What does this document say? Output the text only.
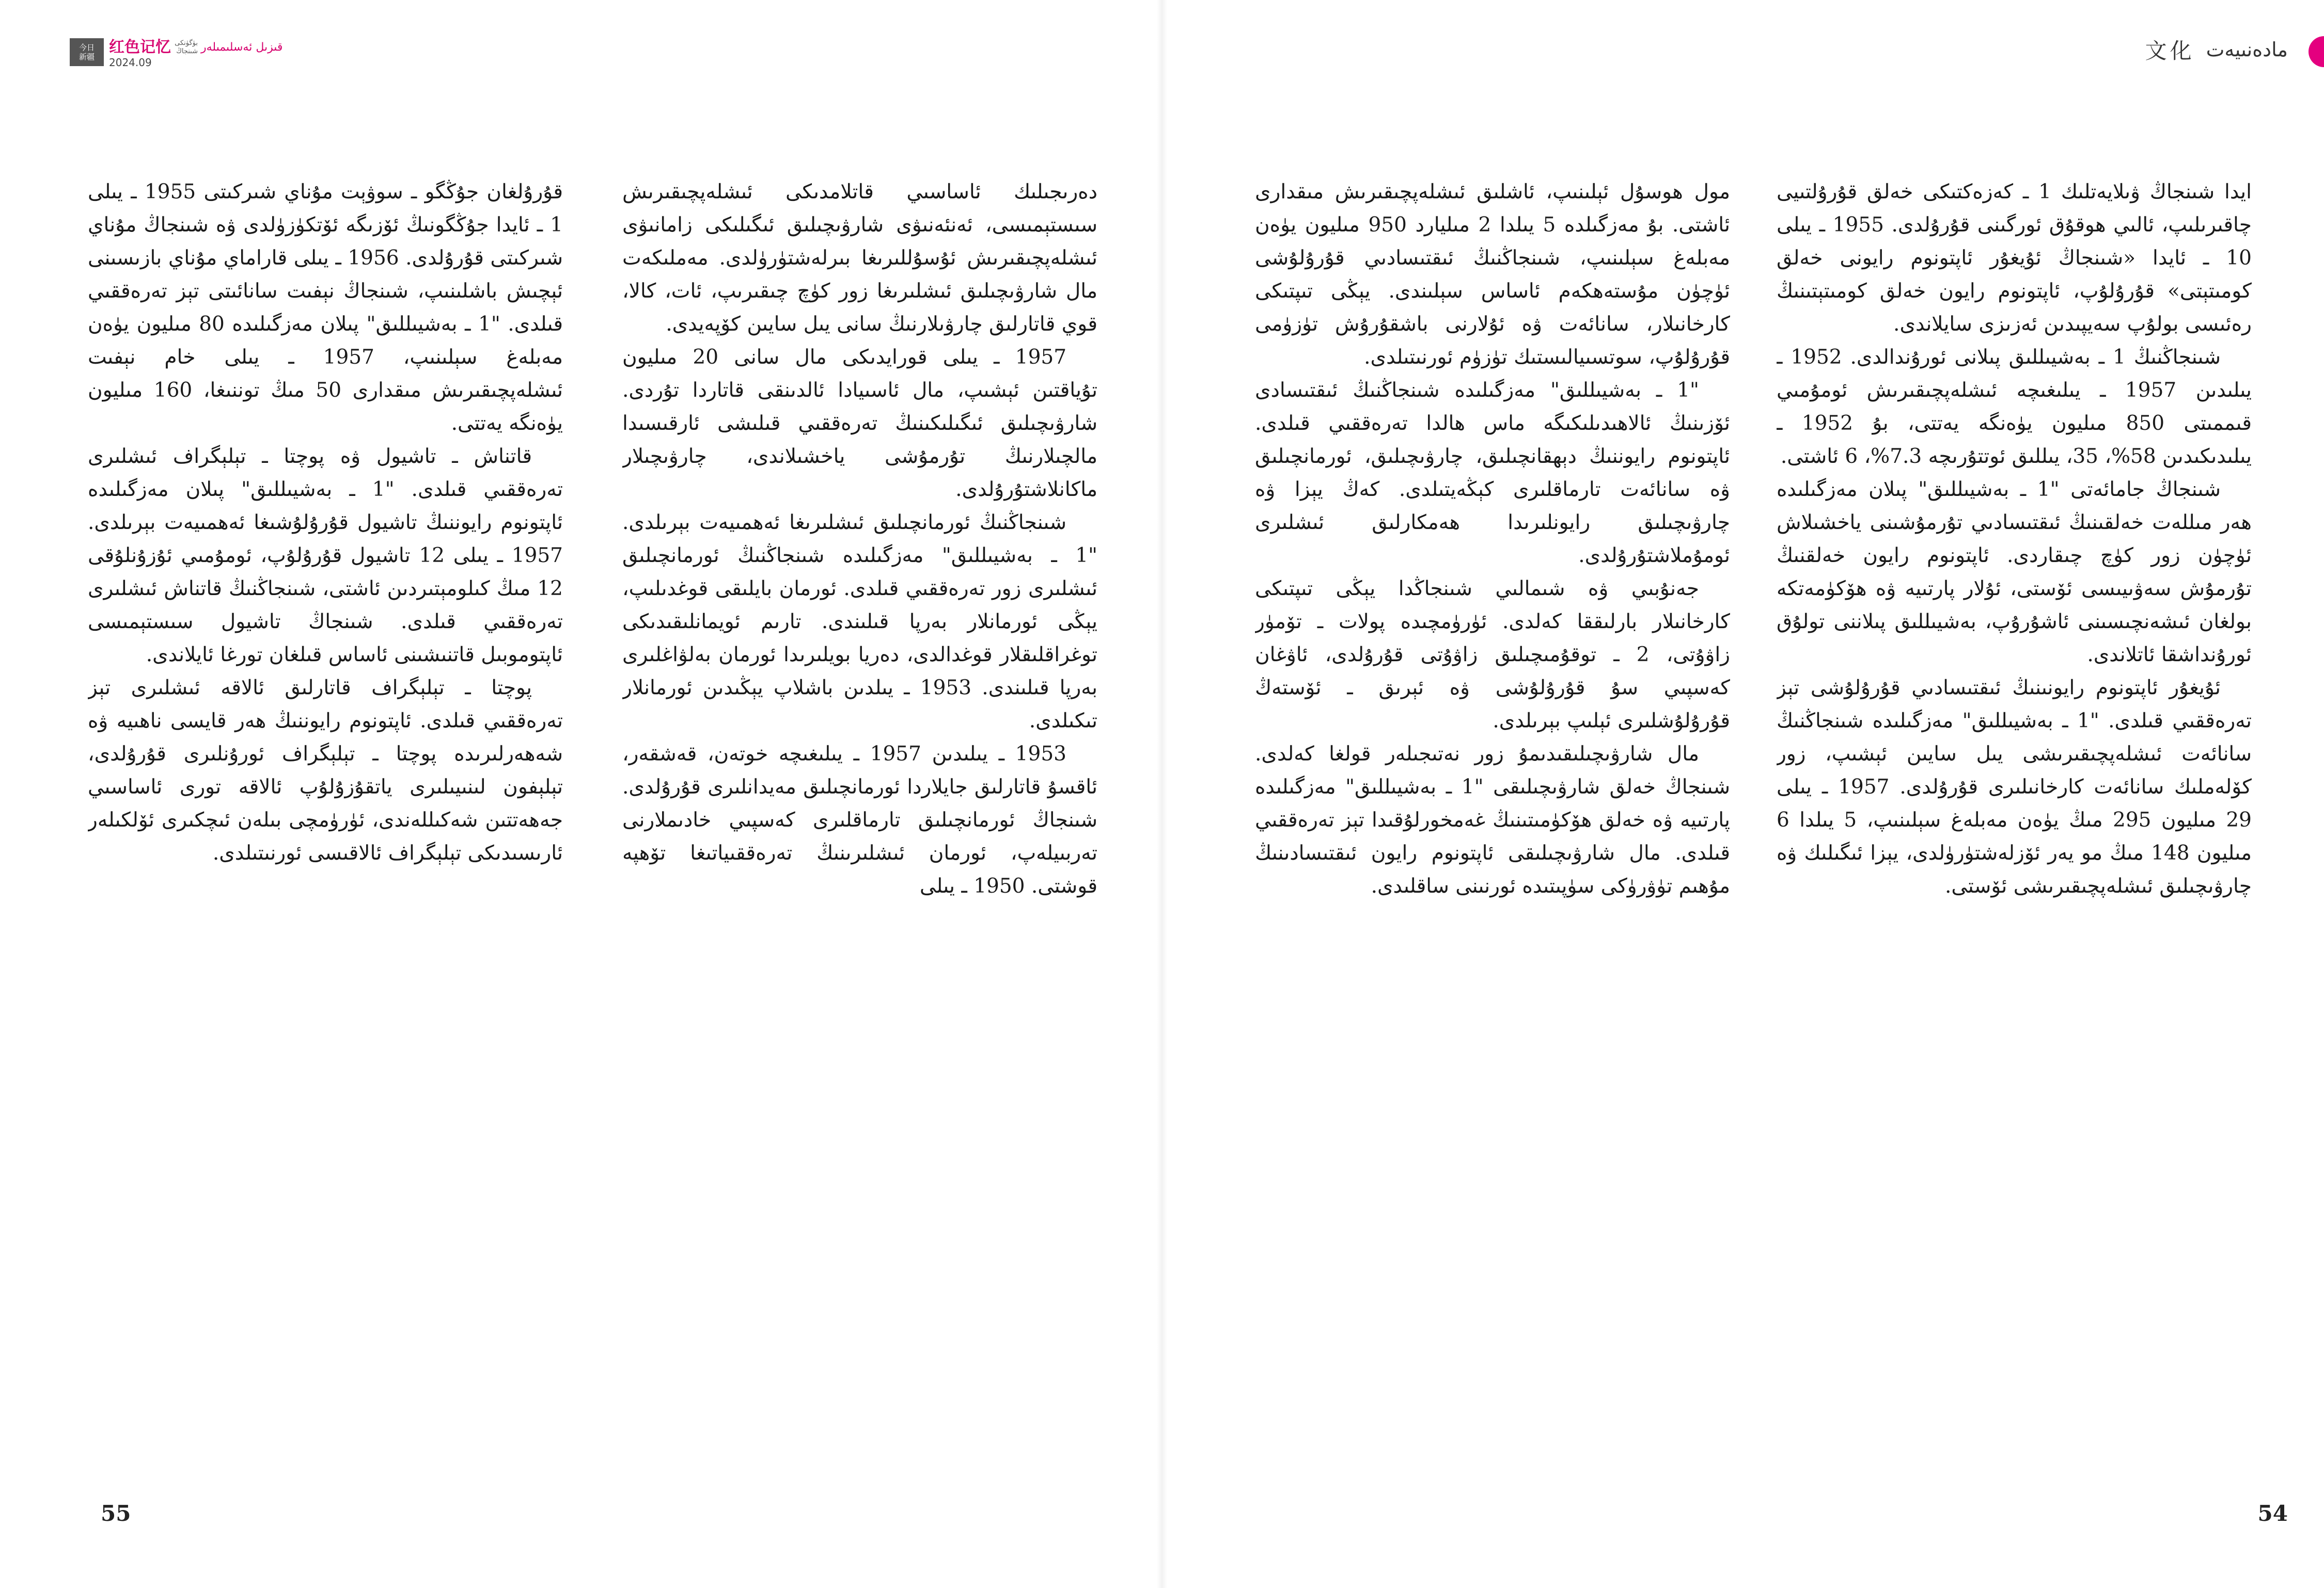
今日
新疆
红色记忆 بۈگۈنكى شىنجاڭ قىزىل ئەسلىمىلەر
2024.09

قۇرۇلغان جۇڭگو ـ سوۋېت مۇناي شىركىتى 1955 ـ يىلى 1 ـ ئايدا جۇڭگونىڭ ئۆزىگە ئۆتكۈزۈلدى ۋە شىنجاڭ مۇناي شىركىتى قۇرۇلدى. 1956 ـ يىلى قاراماي مۇناي بازىسىنى ئېچىش باشلىنىپ، شىنجاڭ نېفىت سانائىتى تېز تەرەققىي قىلدى. "1 ـ بەشيىللىق" پىلان مەزگىلىدە 80 مىليون يۈەن مەبلەغ سېلىنىپ، 1957 ـ يىلى خام نېفىت ئىشلەپچىقىرىش مىقدارى 50 مىڭ توننىغا، 160 مىليون يۈەنگە يەتتى.

قاتناش ـ تاشيول ۋە پوچتا ـ تېلېگراف ئىشلىرى تەرەققىي قىلدى. "1 ـ بەشيىللىق" پىلان مەزگىلىدە ئاپتونوم رايوننىڭ تاشيول قۇرۇلۇشىغا ئەھمىيەت بېرىلدى. 1957 ـ يىلى 12 تاشيول قۇرۇلۇپ، ئومۇمىي ئۇزۇنلۇقى 12 مىڭ كىلومېتىردىن ئاشتى، شىنجاڭنىڭ قاتناش ئىشلىرى تەرەققىي قىلدى. شىنجاڭ تاشيول سىستېمىسى ئاپتوموبىل قاتنىشىنى ئاساس قىلغان تورغا ئايلاندى.

پوچتا ـ تېلېگراف قاتارلىق ئالاقە ئىشلىرى تېز تەرەققىي قىلدى. ئاپتونوم رايوننىڭ ھەر قايسى ناھىيە ۋە شەھەرلىرىدە پوچتا ـ تېلېگراف ئورۇنلىرى قۇرۇلدى، تېلېفون لىنىيىلىرى ياتقۇزۇلۇپ ئالاقە تورى ئاساسىي جەھەتتىن شەكىللەندى، ئۈرۈمچى بىلەن ئىچكىرى ئۆلكىلەر ئارىسىدىكى تېلېگراف ئالاقىسى ئورنىتىلدى.

دەرىجىلىك ئاساسىي قاتلامدىكى ئىشلەپچىقىرىش سىستېمىسى، ئەنئەنىۋى شارۋىچىلىق ئىگىلىكى زامانىۋى ئىشلەپچىقىرىش ئۇسۇللىرىغا بىرلەشتۈرۈلدى. مەملىكەت مال شارۋىچىلىق ئىشلىرىغا زور كۈچ چىقىرىپ، ئات، كالا، قوي قاتارلىق چارۋىلارنىڭ سانى يىل سايىن كۆپەيدى.

1957 ـ يىلى قورايدىكى مال سانى 20 مىليون تۇياقتىن ئېشىپ، مال ئاسىيادا ئالدىنقى قاتاردا تۇردى. شارۋىچىلىق ئىگىلىكىنىڭ تەرەققىي قىلىشى ئارقىسىدا مالچىلارنىڭ تۇرمۇشى ياخشىلاندى، چارۋىچىلار ماكانلاشتۇرۇلدى.

شىنجاڭنىڭ ئورمانچىلىق ئىشلىرىغا ئەھمىيەت بېرىلدى. "1 ـ بەشيىللىق" مەزگىلىدە شىنجاڭنىڭ ئورمانچىلىق ئىشلىرى زور تەرەققىي قىلدى. ئورمان بايلىقى قوغدىلىپ، يېڭى ئورمانلار بەرپا قىلىندى. تارىم ئويمانلىقىدىكى توغراقلىقلار قوغدالدى، دەريا بويلىرىدا ئورمان بەلۋاغلىرى بەرپا قىلىندى. 1953 ـ يىلدىن باشلاپ يېڭىدىن ئورمانلار تىكىلدى.

1953 ـ يىلىدىن 1957 ـ يىلىغىچە خوتەن، قەشقەر، ئاقسۇ قاتارلىق جايلاردا ئورمانچىلىق مەيدانلىرى قۇرۇلدى. شىنجاڭ ئورمانچىلىق تارماقلىرى كەسپىي خادىملارنى تەربىيلەپ، ئورمان ئىشلىرىنىڭ تەرەققىياتىغا تۆھپە قوشتى. 1950 ـ يىلى

55
文化 مادەنىيەت

مول ھوسۇل ئېلىنىپ، ئاشلىق ئىشلەپچىقىرىش مىقدارى ئاشتى. بۇ مەزگىلدە 5 يىلدا 2 مىليارد 950 مىليون يۈەن مەبلەغ سېلىنىپ، شىنجاڭنىڭ ئىقتىسادىي قۇرۇلۇشى ئۈچۈن مۇستەھكەم ئاساس سېلىندى. يېڭى تىپتىكى كارخانىلار، سانائەت ۋە ئۇلارنى باشقۇرۇش تۈزۈمى قۇرۇلۇپ، سوتسىيالىستىك تۈزۈم ئورنىتىلدى.

"1 ـ بەشيىللىق" مەزگىلىدە شىنجاڭنىڭ ئىقتىسادى ئۆزىنىڭ ئالاھىدىلىكىگە ماس ھالدا تەرەققىي قىلدى. ئاپتونوم رايوننىڭ دېھقانچىلىق، چارۋىچىلىق، ئورمانچىلىق ۋە سانائەت تارماقلىرى كېڭەيتىلدى. كەڭ يېزا ۋە چارۋىچىلىق رايونلىرىدا ھەمكارلىق ئىشلىرى ئومۇملاشتۇرۇلدى.

جەنۇبىي ۋە شىمالىي شىنجاڭدا يېڭى تىپتىكى كارخانىلار بارلىققا كەلدى. ئۈرۈمچىدە پولات ـ تۆمۈر زاۋۇتى، 2 ـ توقۇمىچىلىق زاۋۇتى قۇرۇلدى، ئاۋغان كەسپىي سۇ قۇرۇلۇشى ۋە ئېرىق ـ ئۆستەڭ قۇرۇلۇشلىرى ئېلىپ بېرىلدى.

مال شارۋىچىلىقىدىمۇ زور نەتىجىلەر قولغا كەلدى. شىنجاڭ خەلق شارۋىچىلىقى "1 ـ بەشيىللىق" مەزگىلىدە پارتىيە ۋە خەلق ھۆكۈمىتىنىڭ غەمخورلۇقىدا تېز تەرەققىي قىلدى. مال شارۋىچىلىقى ئاپتونوم رايون ئىقتىسادىنىڭ مۇھىم تۈۋرۈكى سۈپىتىدە ئورنىنى ساقلىدى.

ايدا شىنجاڭ ۋىلايەتلىك 1 ـ كەزەكتىكى خەلق قۇرۇلتىيى چاقىرىلىپ، ئالىي ھوقۇق ئورگىنى قۇرۇلدى. 1955 ـ يىلى 10 ـ ئايدا «شىنجاڭ ئۇيغۇر ئاپتونوم رايونى خەلق كومىتېتى» قۇرۇلۇپ، ئاپتونوم رايون خەلق كومىتېتىنىڭ رەئىسى بولۇپ سەيپىدىن ئەزىزى سايلاندى.

شىنجاڭنىڭ 1 ـ بەشيىللىق پىلانى ئورۇندالدى. 1952 ـ يىلىدىن 1957 ـ يىلىغىچە ئىشلەپچىقىرىش ئومۇمىي قىممىتى 850 مىليون يۈەنگە يەتتى، بۇ 1952 ـ يىلىدىكىدىن 58%، 35، يىللىق ئوتتۇرىچە 7.3%، 6 ئاشتى.

شىنجاڭ جامائەتى "1 ـ بەشيىللىق" پىلان مەزگىلىدە ھەر مىللەت خەلقىنىڭ ئىقتىسادىي تۇرمۇشىنى ياخشىلاش ئۈچۈن زور كۈچ چىقاردى. ئاپتونوم رايون خەلقنىڭ تۇرمۇش سەۋىيىسى ئۆستى، ئۇلار پارتىيە ۋە ھۆكۈمەتكە بولغان ئىشەنچىسىنى ئاشۇرۇپ، بەشيىللىق پىلاننى تولۇق ئورۇنداشقا ئاتلاندى.

ئۇيغۇر ئاپتونوم رايونىنىڭ ئىقتىسادىي قۇرۇلۇشى تېز تەرەققىي قىلدى. "1 ـ بەشيىللىق" مەزگىلىدە شىنجاڭنىڭ سانائەت ئىشلەپچىقىرىشى يىل سايىن ئېشىپ، زور كۆلەملىك سانائەت كارخانىلىرى قۇرۇلدى. 1957 ـ يىلى 29 مىليون 295 مىڭ يۈەن مەبلەغ سېلىنىپ، 5 يىلدا 6 مىليون 148 مىڭ مو يەر ئۆزلەشتۈرۈلدى، يېزا ئىگىلىك ۋە چارۋىچىلىق ئىشلەپچىقىرىشى ئۆستى.

54
